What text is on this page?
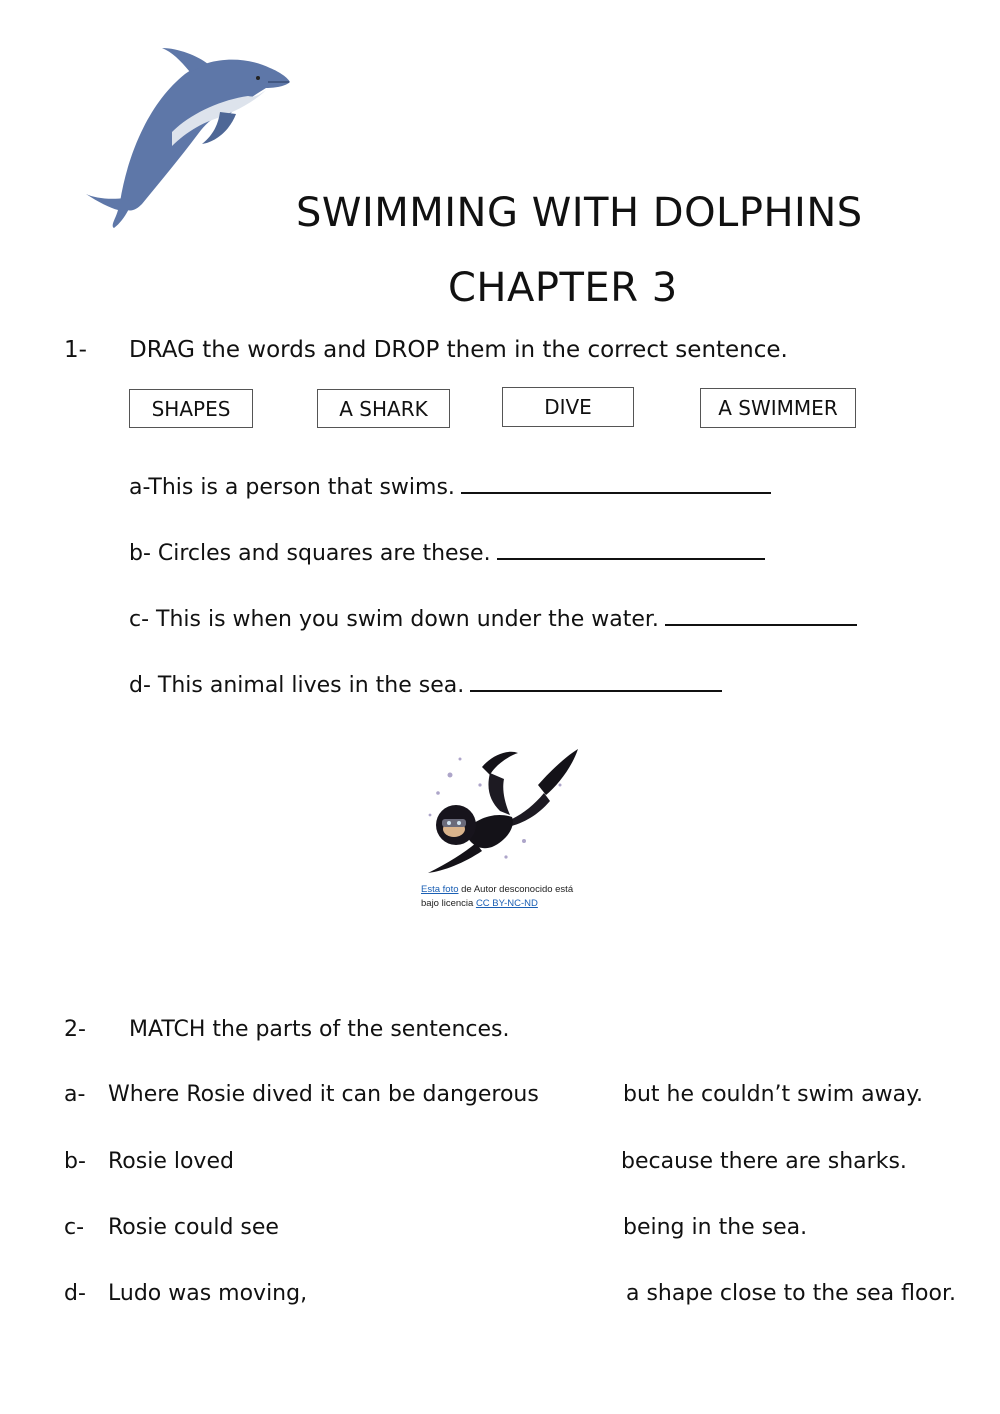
SWIMMING WITH DOLPHINS
CHAPTER 3
1- DRAG the words and DROP them in the correct sentence.
SHAPES	A SHARK	DIVE	A SWIMMER
a-This is a person that swims.
b- Circles and squares are these.
c- This is when you swim down under the water.
d- This animal lives in the sea.
Esta foto de Autor desconocido está
bajo licencia CC BY-NC-ND
2- MATCH the parts of the sentences.
a- Where Rosie dived it can be dangerous	but he couldn’t swim away.
b- Rosie loved	because there are sharks.
c- Rosie could see	being in the sea.
d- Ludo was moving,	a shape close to the sea floor.
